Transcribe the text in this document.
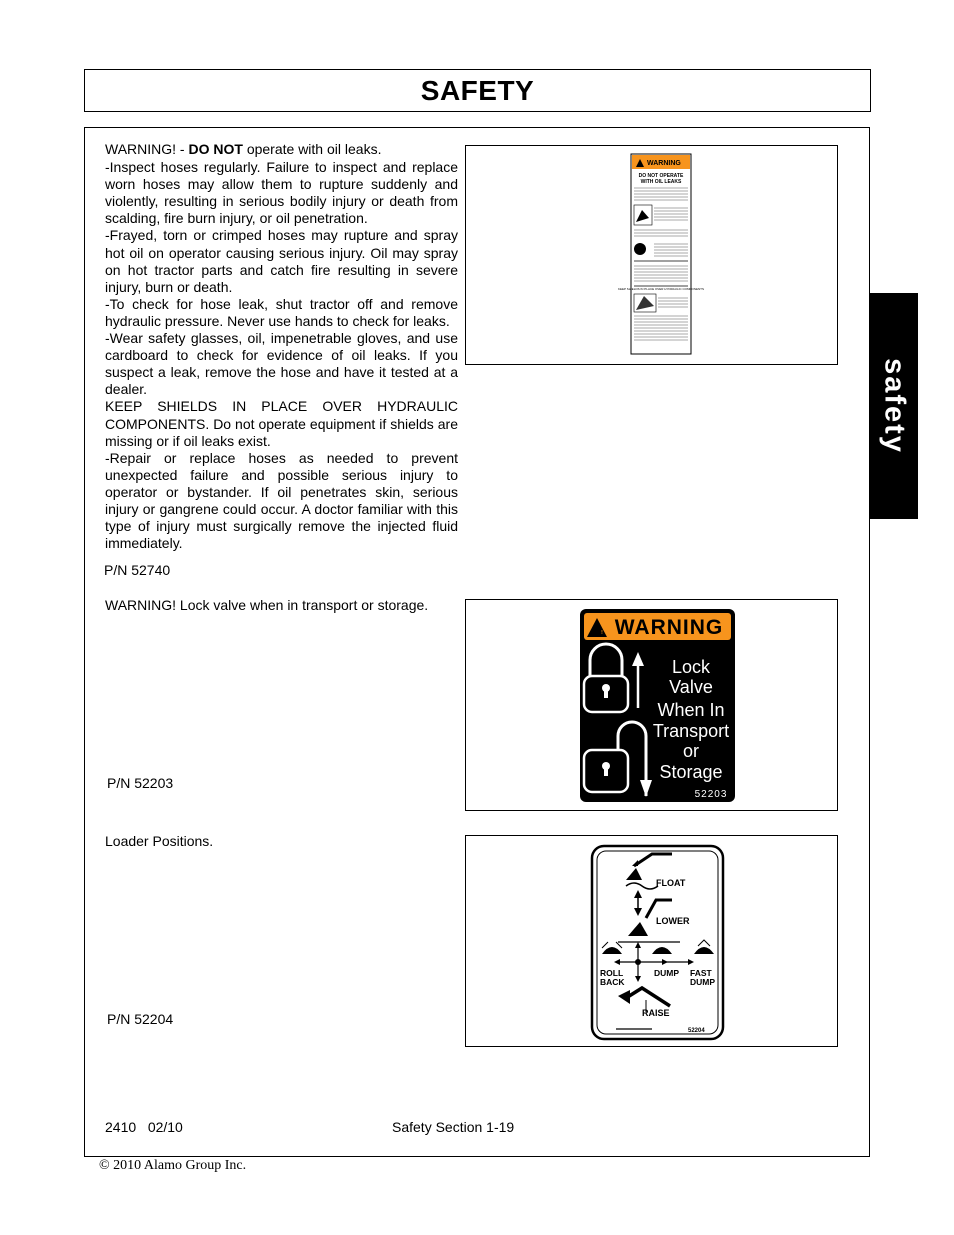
SAFETY
safety

WARNING! - DO NOT operate with oil leaks.

-Inspect hoses regularly. Failure to inspect and replace worn hoses may allow them to rupture suddenly and violently, resulting in serious bodily injury or death from scalding, fire burn injury, or oil penetration.

-Frayed, torn or crimped hoses may rupture and spray hot oil on operator causing serious injury. Oil may spray on hot tractor parts and catch fire resulting in severe injury, burn or death.

-To check for hose leak, shut tractor off and remove hydraulic pressure. Never use hands to check for leaks.

-Wear safety glasses, oil, impenetrable gloves, and use cardboard to check for evidence of oil leaks. If you suspect a leak, remove the hose and have it tested at a dealer.

KEEP SHIELDS IN PLACE OVER HYDRAULIC COMPONENTS. Do not operate equipment if shields are missing or if oil leaks exist.

-Repair or replace hoses as needed to prevent unexpected failure and possible serious injury to operator or bystander. If oil penetrates skin, serious injury or gangrene could occur. A doctor familiar with this type of injury must surgically remove the injected fluid immediately.

P/N 52740
WARNING
DO NOT OPERATE
WITH OIL LEAKS
KEEP SHIELDS IN PLACE OVER HYDRAULIC COMPONENTS
WARNING! Lock valve when in transport or storage.
P/N 52203
! WARNING
Lock
Valve
When In
Transport
or
Storage
52203
Loader Positions.
P/N 52204
FLOAT
LOWER
ROLL
BACK
DUMP FAST
DUMP
RAISE
52204
2410   02/10	Safety Section 1-19
© 2010 Alamo Group Inc.
